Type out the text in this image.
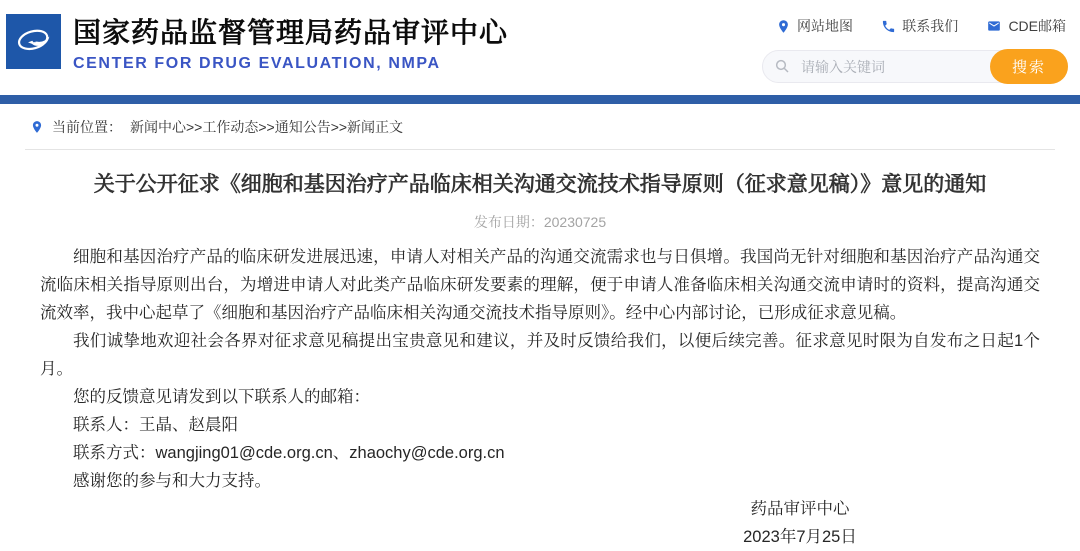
国家药品监督管理局药品审评中心
CENTER FOR DRUG EVALUATION, NMPA
网站地图	联系我们	CDE邮箱
请输入关键词
搜索
当前位置： 新闻中心>>工作动态>>通知公告>>新闻正文
关于公开征求《细胞和基因治疗产品临床相关沟通交流技术指导原则（征求意见稿）》意见的通知
发布日期：20230725

细胞和基因治疗产品的临床研发进展迅速，申请人对相关产品的沟通交流需求也与日俱增。我国尚无针对细胞和基因治疗产品沟通交流临床相关指导原则出台，为增进申请人对此类产品临床研发要素的理解，便于申请人准备临床相关沟通交流申请时的资料，提高沟通交流效率，我中心起草了《细胞和基因治疗产品临床相关沟通交流技术指导原则》。经中心内部讨论，已形成征求意见稿。

我们诚挚地欢迎社会各界对征求意见稿提出宝贵意见和建议，并及时反馈给我们，以便后续完善。征求意见时限为自发布之日起1个月。

您的反馈意见请发到以下联系人的邮箱：

联系人：王晶、赵晨阳

联系方式：wangjing01@cde.org.cn、zhaochy@cde.org.cn

感谢您的参与和大力支持。

药品审评中心
2023年7月25日
